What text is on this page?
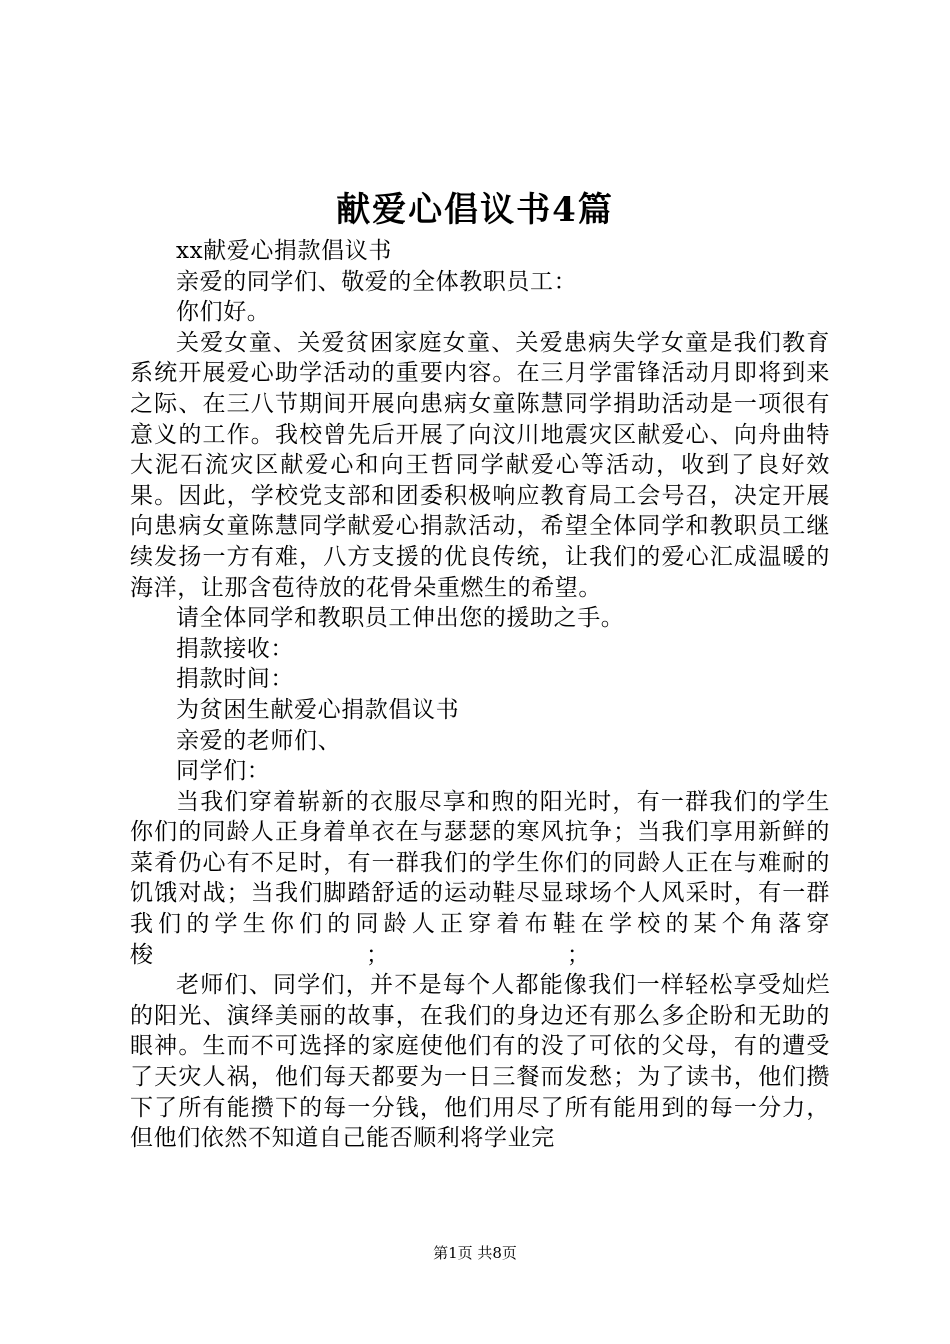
献爱心倡议书4篇

xx献爱心捐款倡议书

亲爱的同学们、敬爱的全体教职员工：

你们好。

关爱女童、关爱贫困家庭女童、关爱患病失学女童是我们教育系统开展爱心助学活动的重要内容。在三月学雷锋活动月即将到来之际、在三八节期间开展向患病女童陈慧同学捐助活动是一项很有意义的工作。我校曾先后开展了向汶川地震灾区献爱心、向舟曲特大泥石流灾区献爱心和向王哲同学献爱心等活动，收到了良好效果。因此，学校党支部和团委积极响应教育局工会号召，决定开展向患病女童陈慧同学献爱心捐款活动，希望全体同学和教职员工继续发扬一方有难，八方支援的优良传统，让我们的爱心汇成温暖的海洋，让那含苞待放的花骨朵重燃生的希望。

请全体同学和教职员工伸出您的援助之手。

捐款接收：

捐款时间：

为贫困生献爱心捐款倡议书

亲爱的老师们、

同学们：

当我们穿着崭新的衣服尽享和煦的阳光时，有一群我们的学生你们的同龄人正身着单衣在与瑟瑟的寒风抗争；当我们享用新鲜的菜肴仍心有不足时，有一群我们的学生你们的同龄人正在与难耐的饥饿对战；当我们脚踏舒适的运动鞋尽显球场个人风采时，有一群我们的学生你们的同龄人正穿着布鞋在学校的某个角落穿梭　　　　　　　　　；　　　　　　　　；

老师们、同学们，并不是每个人都能像我们一样轻松享受灿烂的阳光、演绎美丽的故事，在我们的身边还有那么多企盼和无助的眼神。生而不可选择的家庭使他们有的没了可依的父母，有的遭受了天灾人祸，他们每天都要为一日三餐而发愁；为了读书，他们攒下了所有能攒下的每一分钱，他们用尽了所有能用到的每一分力，但他们依然不知道自己能否顺利将学业完

第1页 共8页
